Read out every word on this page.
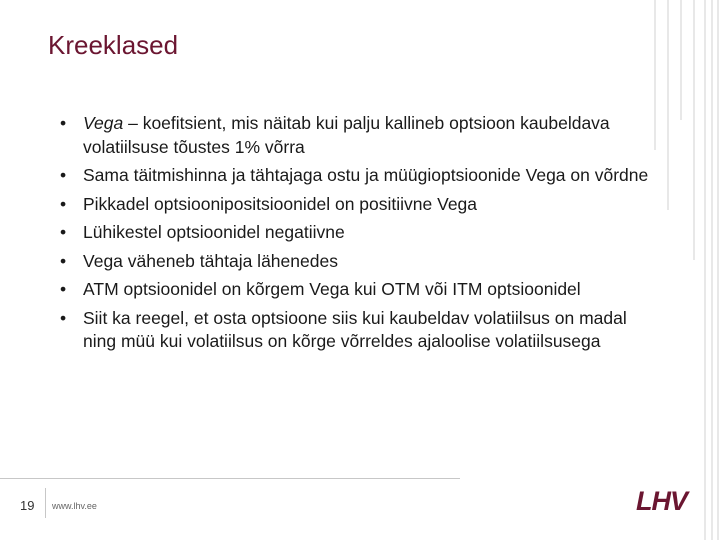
Kreeklased
• Vega – koefitsient, mis näitab kui palju kallineb optsioon kaubeldava volatiilsuse tõustes 1% võrra
• Sama täitmishinna ja tähtajaga ostu ja müügioptsioonide Vega on võrdne
• Pikkadel optsioonipositsioonidel on positiivne Vega
• Lühikestel optsioonidel negatiivne
• Vega väheneb tähtaja lähenedes
• ATM optsioonidel on kõrgem Vega kui OTM või ITM optsioonidel
• Siit ka reegel, et osta optsioone siis kui kaubeldav volatiilsus on madal ning müü kui volatiilsus on kõrge võrreldes ajaloolise volatiilsusega
19 www.lhv.ee	LHV
